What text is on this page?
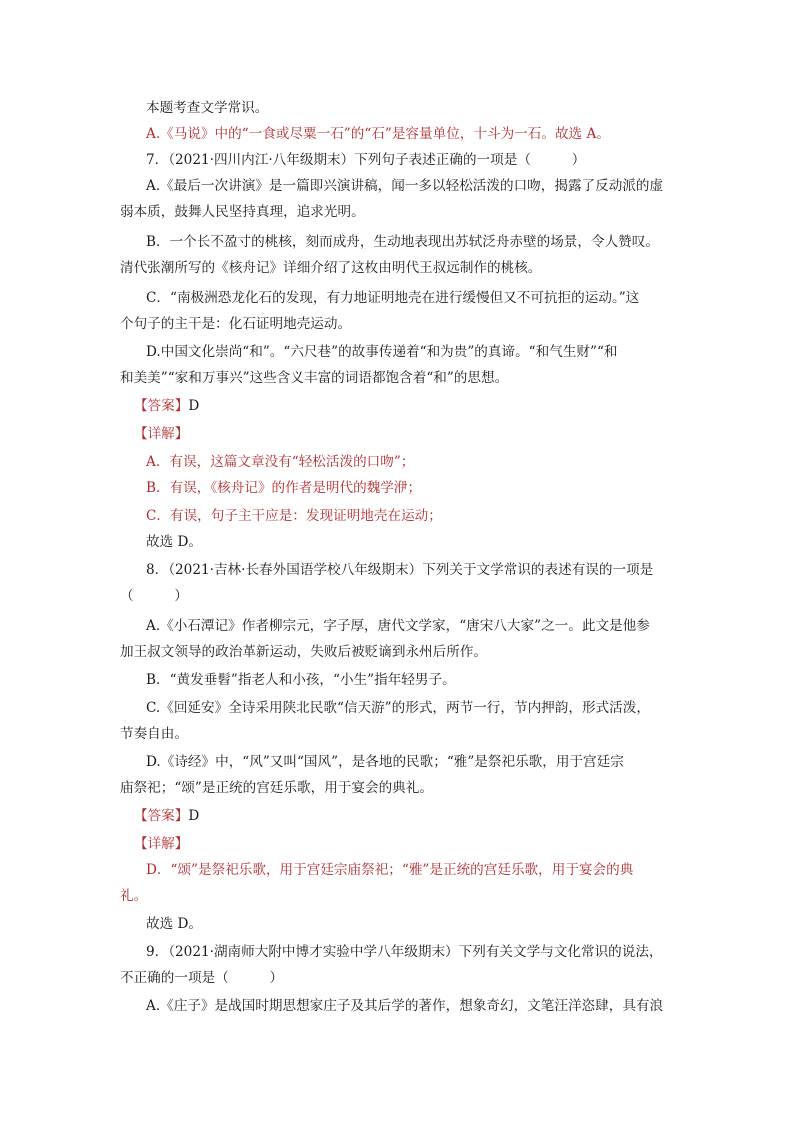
本题考查文学常识。
A.《马说》中的“一食或尽粟一石”的“石”是容量单位，十斗为一石。故选 A。
7．（2021·四川内江·八年级期末）下列句子表述正确的一项是（　　　）
A.《最后一次讲演》是一篇即兴演讲稿，闻一多以轻松活泼的口吻，揭露了反动派的虚
弱本质，鼓舞人民坚持真理，追求光明。
B．一个长不盈寸的桃核，刻而成舟，生动地表现出苏轼泛舟赤壁的场景，令人赞叹。
清代张潮所写的《核舟记》详细介绍了这枚由明代王叔远制作的桃核。
C．“南极洲恐龙化石的发现，有力地证明地壳在进行缓慢但又不可抗拒的运动。”这
个句子的主干是：化石证明地壳运动。
D.中国文化崇尚“和”。“六尺巷”的故事传递着“和为贵”的真谛。“和气生财”“和
和美美”“家和万事兴”这些含义丰富的词语都饱含着“和”的思想。
【答案】D
【详解】
A．有误，这篇文章没有“轻松活泼的口吻”；
B．有误，《核舟记》的作者是明代的魏学洢；
C．有误，句子主干应是：发现证明地壳在运动；
故选 D。
8．（2021·吉林·长春外国语学校八年级期末）下列关于文学常识的表述有误的一项是
（　　　）
A.《小石潭记》作者柳宗元，字子厚，唐代文学家，“唐宋八大家”之一。此文是他参
加王叔文领导的政治革新运动，失败后被贬谪到永州后所作。
B．“黄发垂髫”指老人和小孩，“小生”指年轻男子。
C.《回延安》全诗采用陕北民歌“信天游”的形式，两节一行，节内押韵，形式活泼，
节奏自由。
D.《诗经》中，“风”又叫“国风”，是各地的民歌；“雅”是祭祀乐歌，用于宫廷宗
庙祭祀；“颂”是正统的宫廷乐歌，用于宴会的典礼。
【答案】D
【详解】
D．“颂”是祭祀乐歌，用于宫廷宗庙祭祀；“雅”是正统的宫廷乐歌，用于宴会的典
礼。
故选 D。
9．（2021·湖南师大附中博才实验中学八年级期末）下列有关文学与文化常识的说法，
不正确的一项是（　　　）
A.《庄子》是战国时期思想家庄子及其后学的著作，想象奇幻，文笔汪洋恣肆，具有浪
